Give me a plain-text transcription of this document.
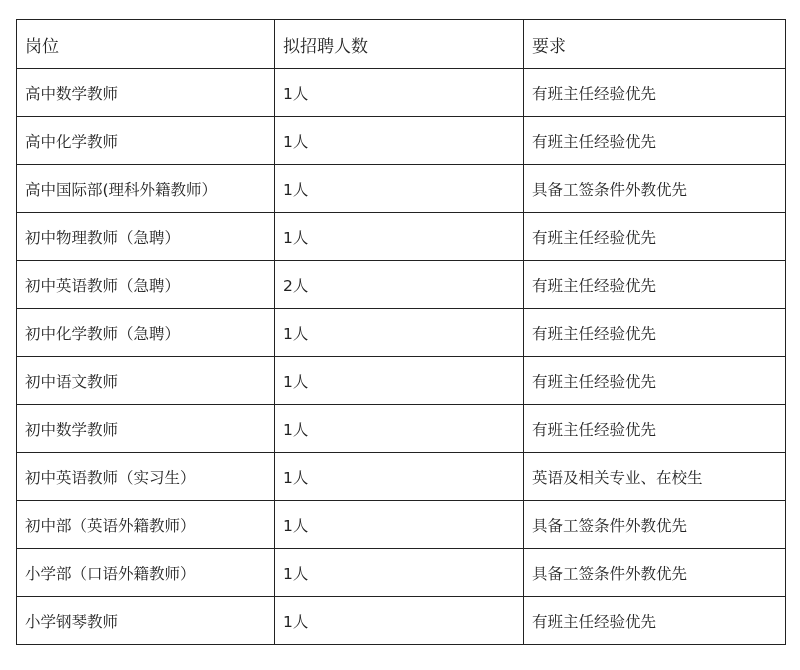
岗位	拟招聘人数	要求
高中数学教师	1人	有班主任经验优先
高中化学教师	1人	有班主任经验优先
高中国际部(理科外籍教师）	1人	具备工签条件外教优先
初中物理教师（急聘）	1人	有班主任经验优先
初中英语教师（急聘）	2人	有班主任经验优先
初中化学教师（急聘）	1人	有班主任经验优先
初中语文教师	1人	有班主任经验优先
初中数学教师	1人	有班主任经验优先
初中英语教师（实习生）	1人	英语及相关专业、在校生
初中部（英语外籍教师）	1人	具备工签条件外教优先
小学部（口语外籍教师）	1人	具备工签条件外教优先
小学钢琴教师	1人	有班主任经验优先
